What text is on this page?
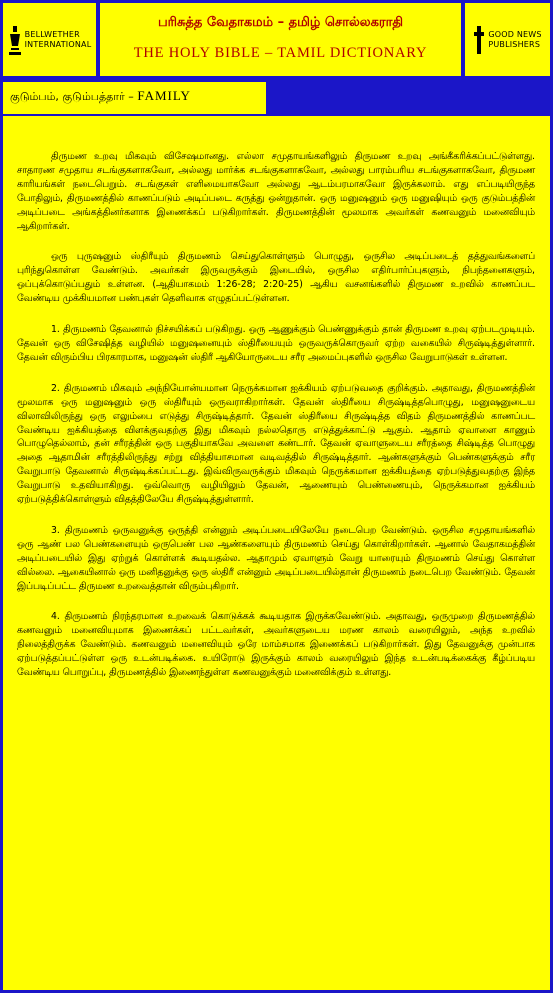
BELLWETHER
INTERNATIONAL
பரிசுத்த வேதாகமம் – தமிழ் சொல்லகராதி
THE HOLY BIBLE – TAMIL DICTIONARY
GOOD NEWS
PUBLISHERS
குடும்பம், குடும்பத்தார் – FAMILY

திருமண உறவு மிகவும் விசேஷமானது. எல்லா சமுதாயங்களிலும் திருமண உறவு அங்கீகரிக்கப்பட்டுள்ளது. சாதாரண சமுதாய சடங்குகளாகவோ, அல்லது மார்க்க சடங்குகளாகவோ, அல்லது பாரம்பரிய சடங்குகளாகவோ, திருமண காரியங்கள் நடைபெறும். சடங்குகள் எளிமையாகவோ அல்லது ஆடம்பரமாகவோ இருக்கலாம். எது எப்படியிருந்த போதிலும், திருமணத்தில் காணப்படும் அடிப்படை கருத்து ஒன்றுதான். ஒரு மனுஷனும் ஒரு மனுஷியும் ஒரு குடும்பத்தின் அடிப்படை அங்கத்தினர்களாக இணைக்கப் படுகிறார்கள். திருமணத்தின் மூலமாக அவர்கள் கணவனும் மனைவியும் ஆகிறார்கள்.

ஒரு புருஷனும் ஸ்திரீயும் திருமணம் செய்துகொள்ளும் பொழுது, ஒருசில அடிப்படைத் தத்துவங்களைப் புரிந்துகொள்ள வேண்டும். அவர்கள் இருவருக்கும் இடையில், ஒருசில எதிர்பார்ப்புகளும், நிபந்தனைகளும், ஒப்புக்கொடுப்பதும் உள்ளன. (ஆதியாகமம் 1:26-28; 2:20-25) ஆகிய வசனங்களில் திருமண உறவில் காணப்பட வேண்டிய முக்கியமான பண்புகள் தெளிவாக எழுதப்பட்டுள்ளன.

1. திருமணம் தேவனால் நிச்சயிக்கப் படுகிறது. ஒரு ஆணுக்கும் பெண்ணுக்கும் தான் திருமண உறவு ஏற்படமுடியும். தேவன் ஒரு விசேஷித்த வழியில் மனுஷனையும் ஸ்திரீயையும் ஒருவருக்கொருவர் ஏற்ற வகையில் சிருஷ்டித்துள்ளார். தேவன் விரும்பிய பிரகாரமாக, மனுஷன் ஸ்திரீ ஆகியோருடைய சரீர அமைப்புகளில் ஒருசில வேறுபாடுகள் உள்ளன.

2. திருமணம் மிகவும் அந்நியோன்யமான நெருக்கமான ஐக்கியம் ஏற்படுவதை குறிக்கும். அதாவது, திருமணத்தின் மூலமாக ஒரு மனுஷனும் ஒரு ஸ்திரீயும் ஒருவராகிறார்கள். தேவன் ஸ்திரீயை சிருஷ்டித்தபொழுது, மனுஷனுடைய விலாவிலிருந்து ஒரு எலும்பை எடுத்து சிருஷ்டித்தார். தேவன் ஸ்திரீயை சிருஷ்டித்த விதம் திருமணத்தில் காணப்பட வேண்டிய ஐக்கியத்தை விளக்குவதற்கு இது மிகவும் நல்லதொரு எடுத்துக்காட்டு ஆகும். ஆதாம் ஏவாளை காணும் பொழுதெல்லாம், தன் சரீரத்தின் ஒரு பகுதியாகவே அவளை கண்டார். தேவன் ஏவாளுடைய சரீரத்தை சிஷ்டித்த பொழுது அதை ஆதாமின் சரீரத்திலிருந்து சற்று வித்தியாசமான வடிவத்தில் சிருஷ்டித்தார். ஆண்களுக்கும் பெண்களுக்கும் சரீர வேறுபாடு தேவனால் சிருஷ்டிக்கப்பட்டது. இவ்விருவருக்கும் மிகவும் நெருக்கமான ஐக்கியத்தை ஏற்படுத்துவதற்கு இந்த வேறுபாடு உதவியாகிறது. ஒவ்வொரு வழியிலும் தேவன், ஆணையும் பெண்ணையும், நெருக்கமான ஐக்கியம் ஏற்படுத்திக்கொள்ளும் விதத்திலேயே சிருஷ்டித்துள்ளார்.

3. திருமணம் ஒருவனுக்கு ஒருத்தி என்னும் அடிப்படையிலேயே நடைபெற வேண்டும். ஒருசில சமுதாயங்களில் ஒரு ஆண் பல பெண்களையும் ஒருபெண் பல ஆண்களையும் திருமணம் செய்து கொள்கிறார்கள். ஆனால் வேதாகமத்தின் அடிப்படையில் இது ஏற்றுக் கொள்ளக் கூடியதல்ல. ஆதாமும் ஏவாளும் வேறு யாரையும் திருமணம் செய்து கொள்ள வில்லை. ஆகையினால் ஒரு மனிதனுக்கு ஒரு ஸ்திரீ என்னும் அடிப்படையில்தான் திருமணம் நடைபெற வேண்டும். தேவன் இப்படிப்பட்ட திருமண உறவைத்தான் விரும்புகிறார்.

4. திருமணம் நிரந்தரமான உறவைக் கொடுக்கக் கூடியதாக இருக்கவேண்டும். அதாவது, ஒருமுறை திருமணத்தில் கணவனும் மனைவியுமாக இணைக்கப் பட்டவர்கள், அவர்களுடைய மரண காலம் வரையிலும், அந்த உறவில் நிலைத்திருக்க வேண்டும். கணவனும் மனைவியும் ஒரே மாம்சமாக இணைக்கப் படுகிறார்கள். இது தேவனுக்கு முன்பாக ஏற்படுத்தப்பட்டுள்ள ஒரு உடன்படிக்கை. உயிரோடு இருக்கும் காலம் வரையிலும் இந்த உடன்படிக்கைக்கு கீழ்ப்படிய வேண்டிய பொறுப்பு, திருமணத்தில் இணைந்துள்ள கணவனுக்கும் மனைவிக்கும் உள்ளது.
